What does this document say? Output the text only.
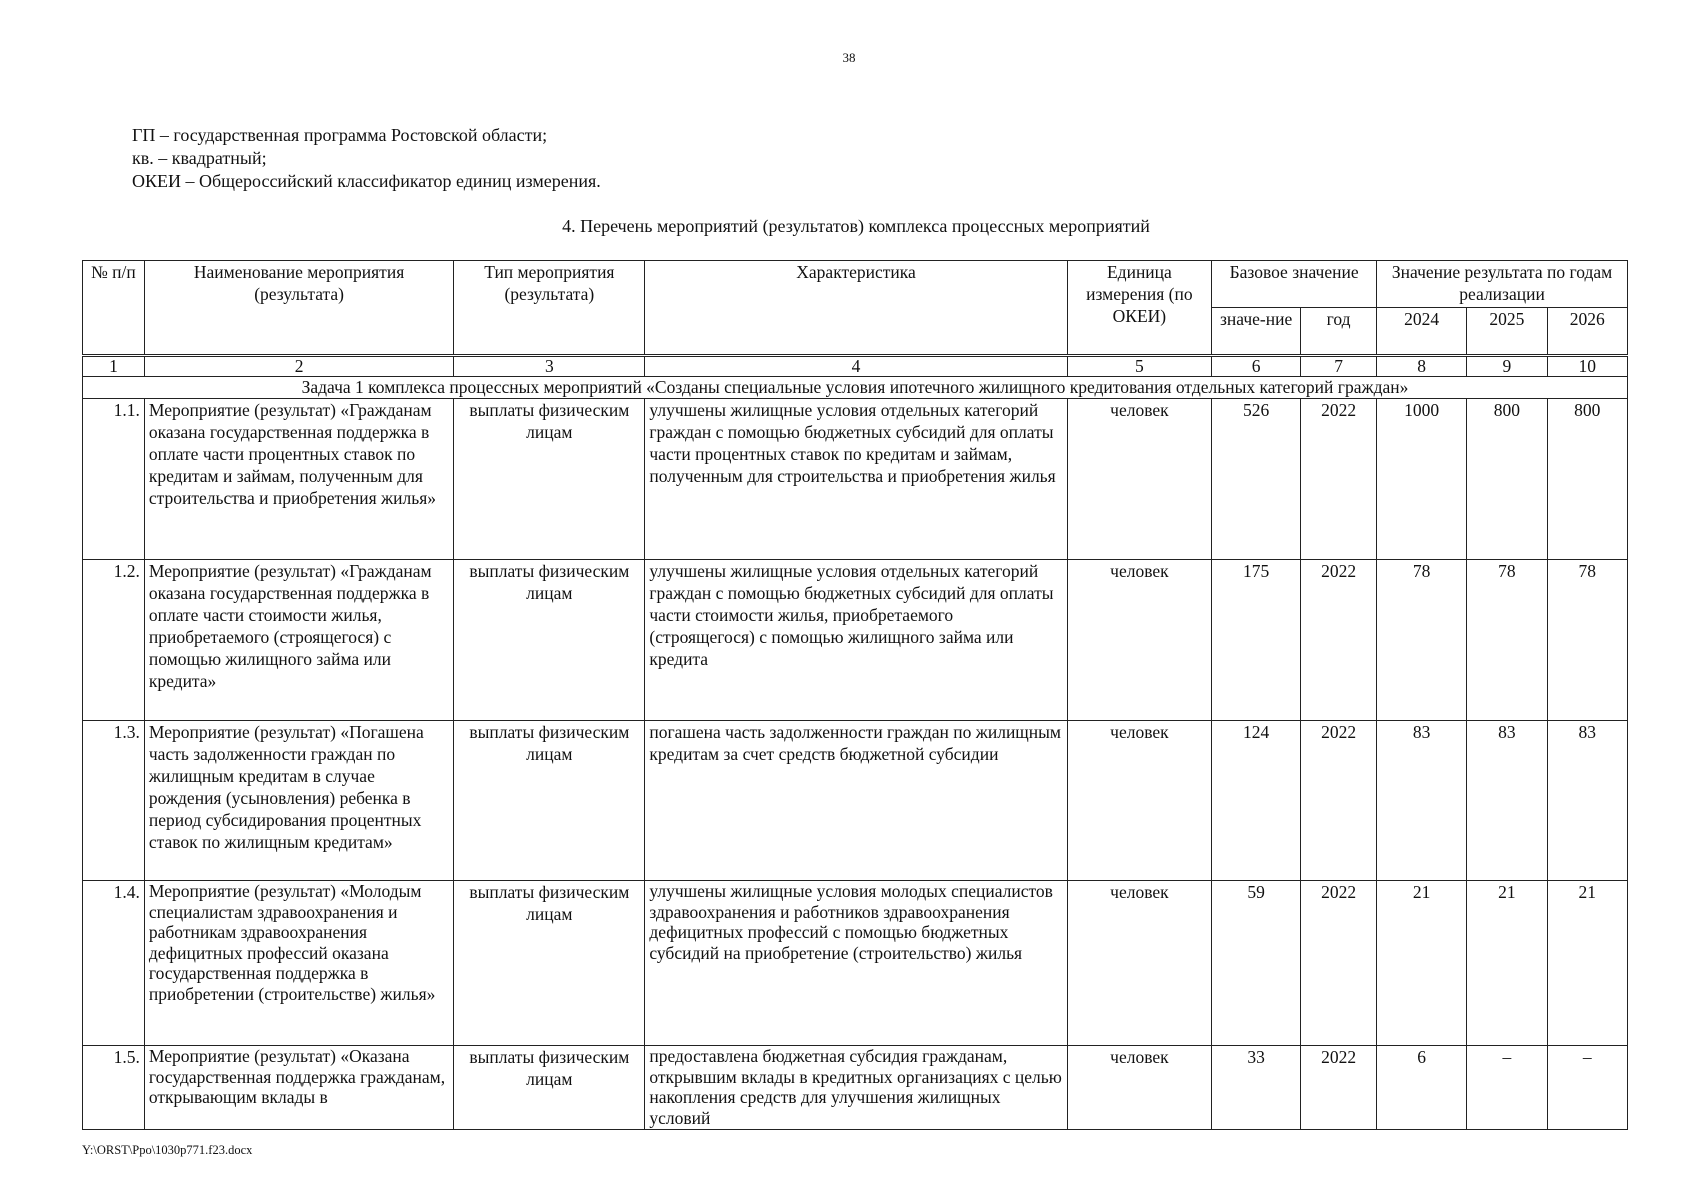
38
ГП – государственная программа Ростовской области;
кв. – квадратный;
ОКЕИ – Общероссийский классификатор единиц измерения.
4. Перечень мероприятий (результатов) комплекса процессных мероприятий
№ п/п	Наименование мероприятия (результата)	Тип мероприятия (результата)	Характеристика	Единица измерения (по ОКЕИ)	Базовое значение		Значение результата по годам реализации		
					значе-ние	год	2024	2025	2026
1	2	3	4	5	6	7	8	9	10
Задача 1 комплекса процессных мероприятий «Созданы специальные условия ипотечного жилищного кредитования отдельных категорий граждан»									
1.1.	Мероприятие (результат) «Гражданам оказана государственная поддержка в оплате части процентных ставок по кредитам и займам, полученным для строительства и приобретения жилья»	выплаты физическим лицам	улучшены жилищные условия отдельных категорий граждан с помощью бюджетных субсидий для оплаты части процентных ставок по кредитам и займам, полученным для строительства и приобретения жилья	человек	526	2022	1000	800	800
1.2.	Мероприятие (результат) «Гражданам оказана государственная поддержка в оплате части стоимости жилья, приобретаемого (строящегося) с помощью жилищного займа или кредита»	выплаты физическим лицам	улучшены жилищные условия отдельных категорий граждан с помощью бюджетных субсидий для оплаты части стоимости жилья, приобретаемого (строящегося) с помощью жилищного займа или кредита	человек	175	2022	78	78	78
1.3.	Мероприятие (результат) «Погашена часть задолженности граждан по жилищным кредитам в случае рождения (усыновления) ребенка в период субсидирования процентных ставок по жилищным кредитам»	выплаты физическим лицам	погашена часть задолженности граждан по жилищным кредитам за счет средств бюджетной субсидии	человек	124	2022	83	83	83
1.4.	Мероприятие (результат) «Молодым специалистам здравоохранения и работникам здравоохранения дефицитных профессий оказана государственная поддержка в приобретении (строительстве) жилья»	выплаты физическим лицам	улучшены жилищные условия молодых специалистов здравоохранения и работников здравоохранения дефицитных профессий с помощью бюджетных субсидий на приобретение (строительство) жилья	человек	59	2022	21	21	21
1.5.	Мероприятие (результат) «Оказана государственная поддержка гражданам, открывающим вклады в	выплаты физическим лицам	предоставлена бюджетная субсидия гражданам, открывшим вклады в кредитных организациях с целью накопления средств для улучшения жилищных условий	человек	33	2022	6	–	–
Y:\ORST\Ppo\1030p771.f23.docx
